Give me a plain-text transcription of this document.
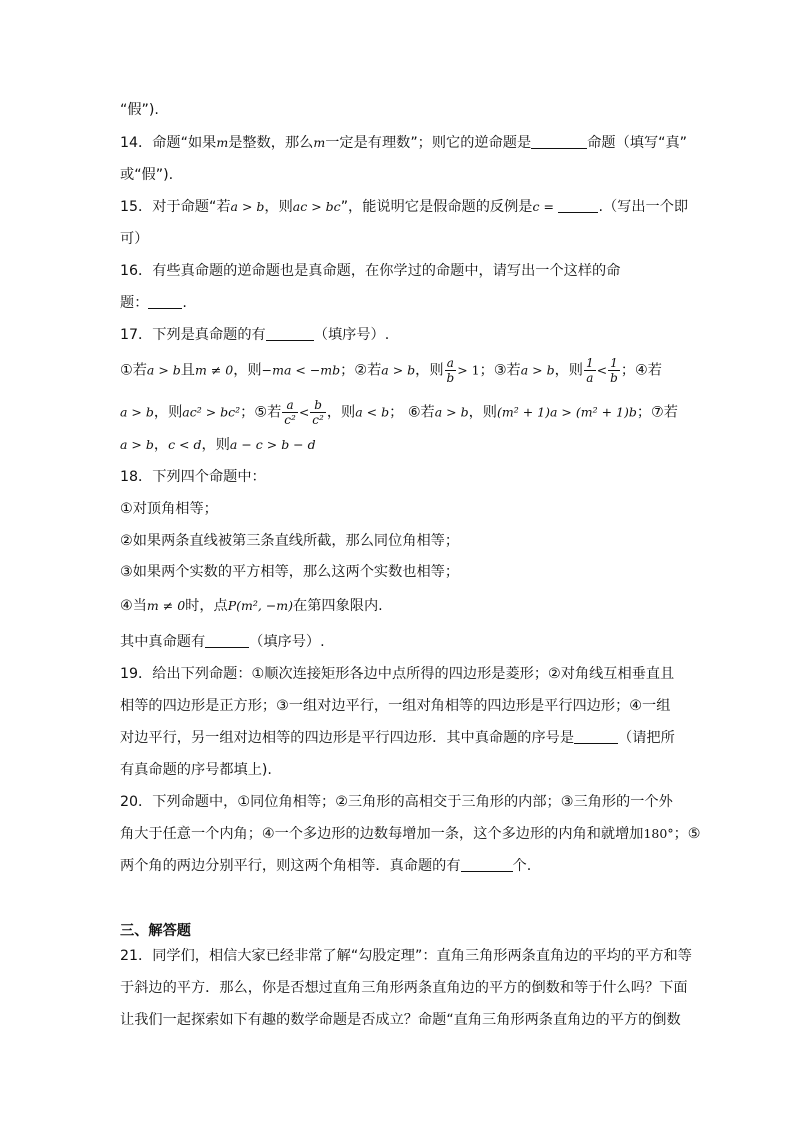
“假”).
14．命题“如果m是整数，那么m一定是有理数”；则它的逆命题是	命题（填写“真”
或“假”).
15．对于命题“若a > b，则ac > bc”，能说明它是假命题的反例是c =	.（写出一个即
可）
16．有些真命题的逆命题也是真命题，在你学过的命题中，请写出一个这样的命
题： .
17．下列是真命题的有	（填序号）.
①若a > b且m ≠ 0，则−ma < −mb；②若a > b，则 $\frac{a}{b} > 1$；③若a > b，则 $\frac{1}{a} < \frac{1}{b}$ ；④若
a > b，则ac² > bc²；⑤若 $\frac{a}{\text{c²}} < \frac{b}{\text{c²}}$ ，则a < b； ⑥若a > b，则(m² + 1)a > (m² + 1)b；⑦若
a > b，c < d，则a − c > b − d
18．下列四个命题中：
①对顶角相等；
②如果两条直线被第三条直线所截，那么同位角相等；
③如果两个实数的平方相等，那么这两个实数也相等；
④当m ≠ 0时，点P(m², −m)在第四象限内.
其中真命题有	（填序号）.
19．给出下列命题：①顺次连接矩形各边中点所得的四边形是菱形；②对角线互相垂直且
相等的四边形是正方形；③一组对边平行，一组对角相等的四边形是平行四边形；④一组
对边平行，另一组对边相等的四边形是平行四边形．其中真命题的序号是	（请把所
有真命题的序号都填上).
20．下列命题中，①同位角相等；②三角形的高相交于三角形的内部；③三角形的一个外
角大于任意一个内角；④一个多边形的边数每增加一条，这个多边形的内角和就增加180°；⑤
两个角的两边分别平行，则这两个角相等．真命题的有	个.
三、解答题
21．同学们，相信大家已经非常了解“勾股定理”：直角三角形两条直角边的平均的平方和等
于斜边的平方．那么，你是否想过直角三角形两条直角边的平方的倒数和等于什么吗？下面
让我们一起探索如下有趣的数学命题是否成立？命题“直角三角形两条直角边的平方的倒数
